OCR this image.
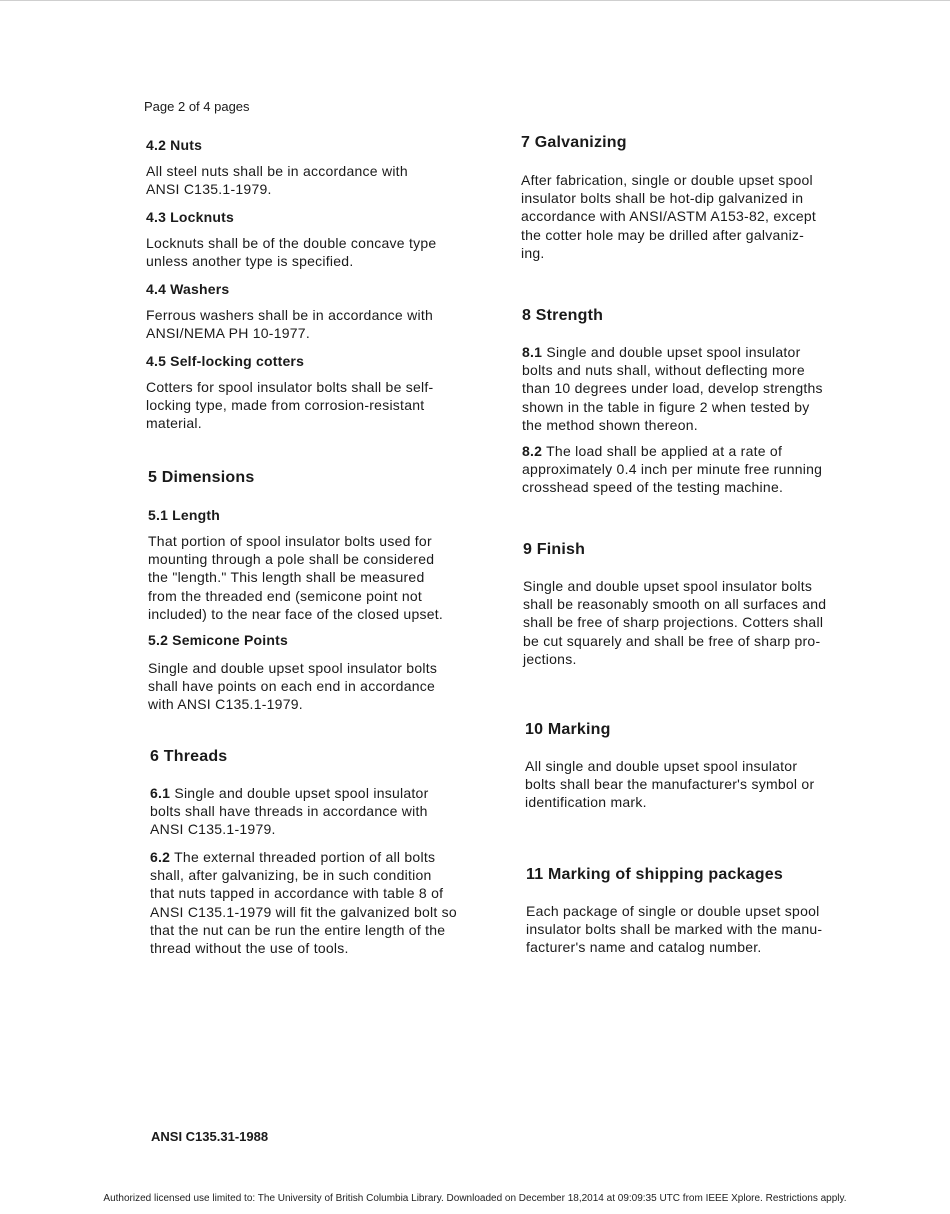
Page 2 of 4 pages
4.2 Nuts
All steel nuts shall be in accordance with
ANSI C135.1-1979.
4.3 Locknuts
Locknuts shall be of the double concave type
unless another type is specified.
4.4 Washers
Ferrous washers shall be in accordance with
ANSI/NEMA PH 10-1977.
4.5 Self-locking cotters
Cotters for spool insulator bolts shall be self-
locking type, made from corrosion-resistant
material.
5 Dimensions
5.1 Length
That portion of spool insulator bolts used for
mounting through a pole shall be considered
the "length." This length shall be measured
from the threaded end (semicone point not
included) to the near face of the closed upset.
5.2 Semicone Points
Single and double upset spool insulator bolts
shall have points on each end in accordance
with ANSI C135.1-1979.
6 Threads
6.1 Single and double upset spool insulator
bolts shall have threads in accordance with
ANSI C135.1-1979.
6.2 The external threaded portion of all bolts
shall, after galvanizing, be in such condition
that nuts tapped in accordance with table 8 of
ANSI C135.1-1979 will fit the galvanized bolt so
that the nut can be run the entire length of the
thread without the use of tools.
7 Galvanizing
After fabrication, single or double upset spool
insulator bolts shall be hot-dip galvanized in
accordance with ANSI/ASTM A153-82, except
the cotter hole may be drilled after galvaniz-
ing.
8 Strength
8.1 Single and double upset spool insulator
bolts and nuts shall, without deflecting more
than 10 degrees under load, develop strengths
shown in the table in figure 2 when tested by
the method shown thereon.
8.2 The load shall be applied at a rate of
approximately 0.4 inch per minute free running
crosshead speed of the testing machine.
9 Finish
Single and double upset spool insulator bolts
shall be reasonably smooth on all surfaces and
shall be free of sharp projections. Cotters shall
be cut squarely and shall be free of sharp pro-
jections.
10 Marking
All single and double upset spool insulator
bolts shall bear the manufacturer's symbol or
identification mark.
11 Marking of shipping packages
Each package of single or double upset spool
insulator bolts shall be marked with the manu-
facturer's name and catalog number.
ANSI C135.31-1988
Authorized licensed use limited to: The University of British Columbia Library. Downloaded on December 18,2014 at 09:09:35 UTC from IEEE Xplore. Restrictions apply.
